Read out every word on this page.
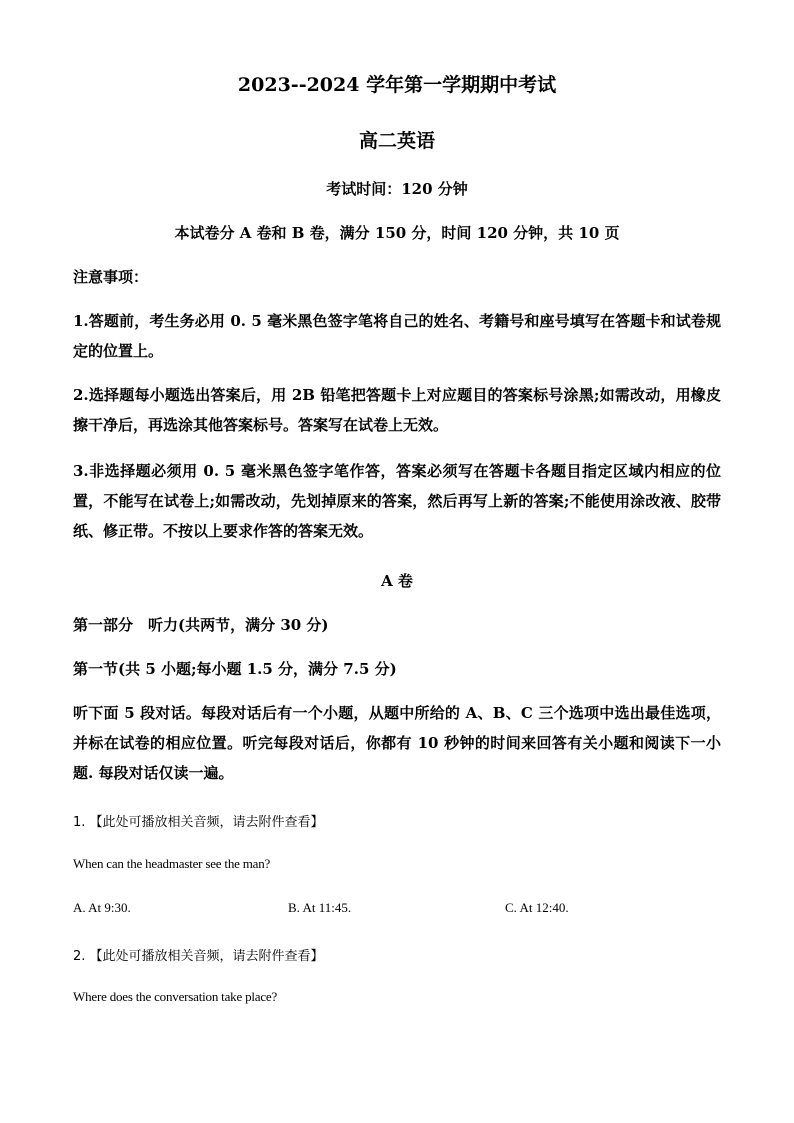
2023--2024 学年第一学期期中考试
高二英语
考试时间：120 分钟
本试卷分 A 卷和 B 卷，满分 150 分，时间 120 分钟，共 10 页
注意事项：
1.答题前，考生务必用 0. 5 毫米黑色签字笔将自己的姓名、考籍号和座号填写在答题卡和试卷规定的位置上。
2.选择题每小题选出答案后，用 2B 铅笔把答题卡上对应题目的答案标号涂黑;如需改动，用橡皮擦干净后，再选涂其他答案标号。答案写在试卷上无效。
3.非选择题必须用 0. 5 毫米黑色签字笔作答，答案必须写在答题卡各题目指定区域内相应的位置，不能写在试卷上;如需改动，先划掉原来的答案，然后再写上新的答案;不能使用涂改液、胶带纸、修正带。不按以上要求作答的答案无效。
A 卷
第一部分　听力(共两节，满分 30 分)
第一节(共 5 小题;每小题 1.5 分，满分 7.5 分)
听下面 5 段对话。每段对话后有一个小题，从题中所给的 A、B、C 三个选项中选出最佳选项，并标在试卷的相应位置。听完每段对话后，你都有 10 秒钟的时间来回答有关小题和阅读下一小题. 每段对话仅读一遍。
1. 【此处可播放相关音频，请去附件查看】
When can the headmaster see the man?
A. At 9:30.	B. At 11:45.	C. At 12:40.
2. 【此处可播放相关音频，请去附件查看】
Where does the conversation take place?
